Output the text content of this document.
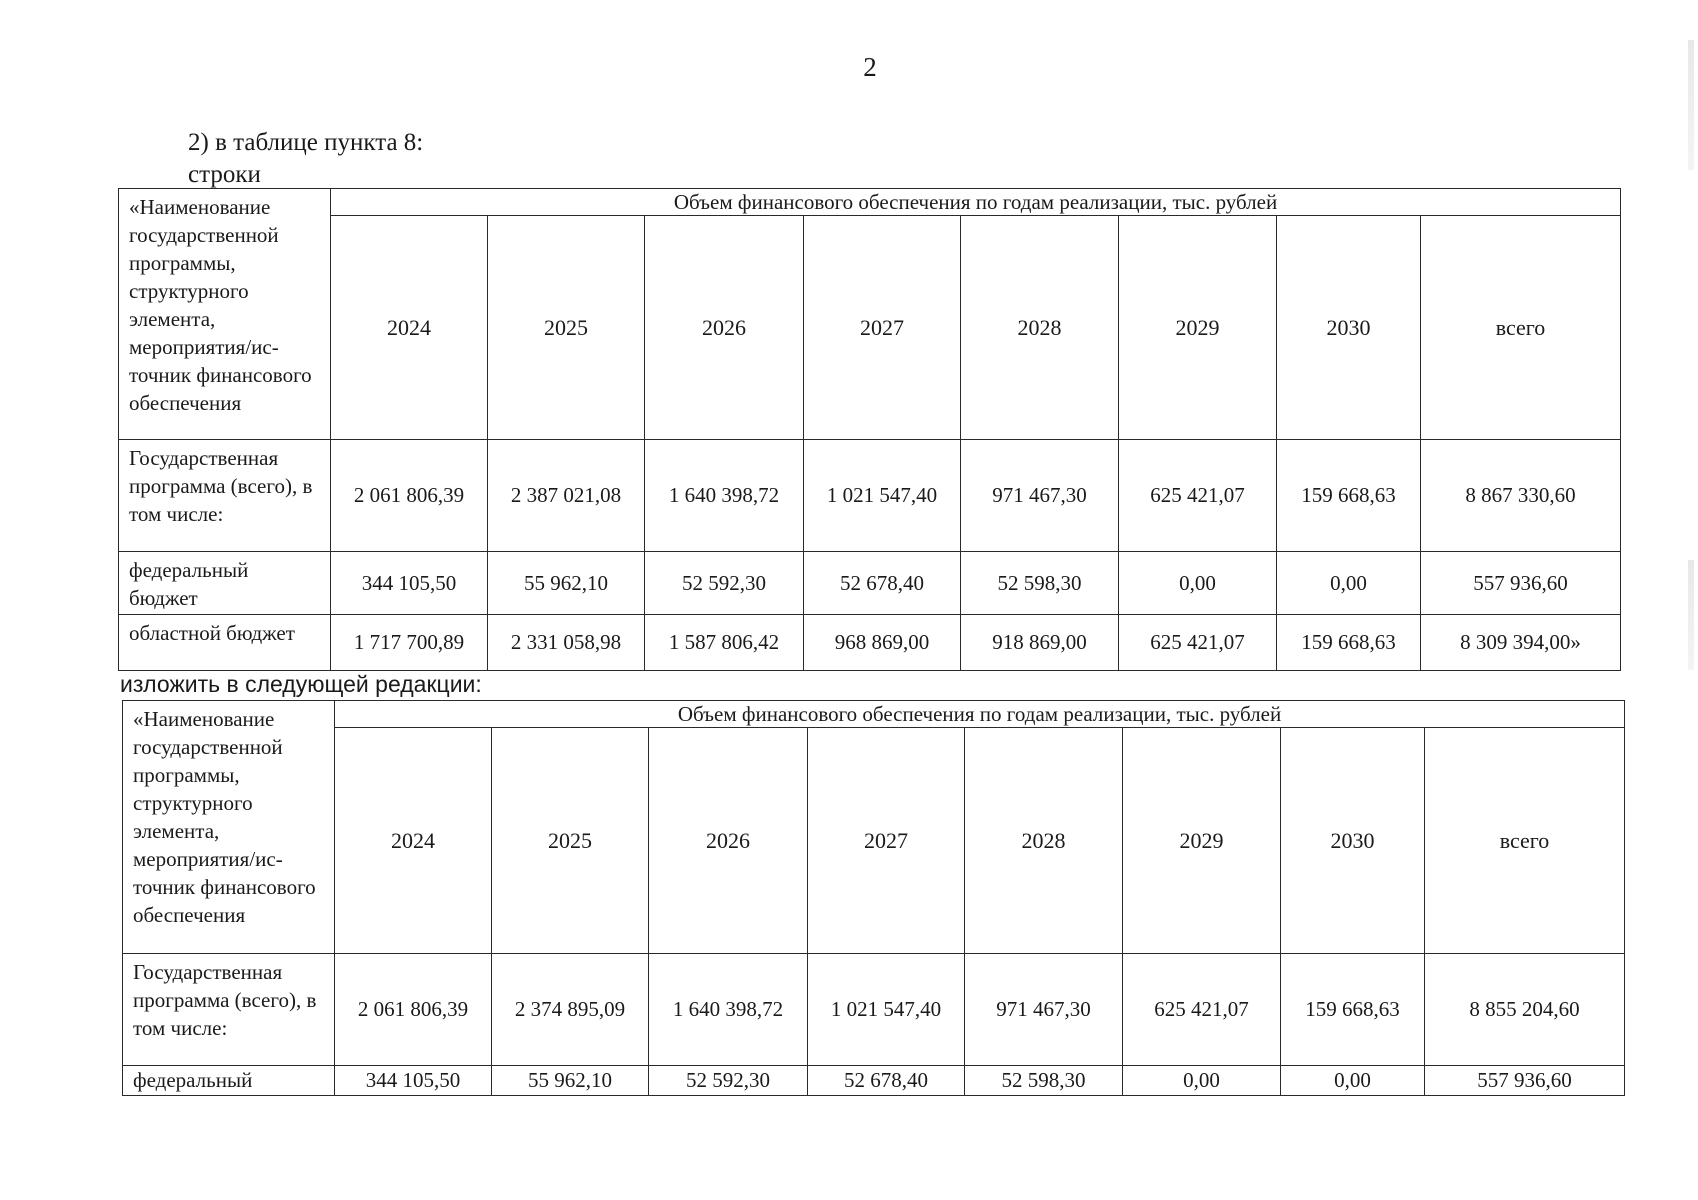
2
2) в таблице пункта 8:
строки
«Наименование государственной программы, структурного элемента, мероприятия/источник финансового обеспечения	Объем финансового обеспечения по годам реализации, тыс. рублей							
	2024	2025	2026	2027	2028	2029	2030	всего
Государственная программа (всего), в том числе:	2 061 806,39	2 387 021,08	1 640 398,72	1 021 547,40	971 467,30	625 421,07	159 668,63	8 867 330,60
федеральный бюджет	344 105,50	55 962,10	52 592,30	52 678,40	52 598,30	0,00	0,00	557 936,60
областной бюджет	1 717 700,89	2 331 058,98	1 587 806,42	968 869,00	918 869,00	625 421,07	159 668,63	8 309 394,00»
изложить в следующей редакции:
«Наименование государственной программы, структурного элемента, мероприятия/источник финансового обеспечения	Объем финансового обеспечения по годам реализации, тыс. рублей							
	2024	2025	2026	2027	2028	2029	2030	всего
Государственная программа (всего), в том числе:	2 061 806,39	2 374 895,09	1 640 398,72	1 021 547,40	971 467,30	625 421,07	159 668,63	8 855 204,60
федеральный	344 105,50	55 962,10	52 592,30	52 678,40	52 598,30	0,00	0,00	557 936,60
